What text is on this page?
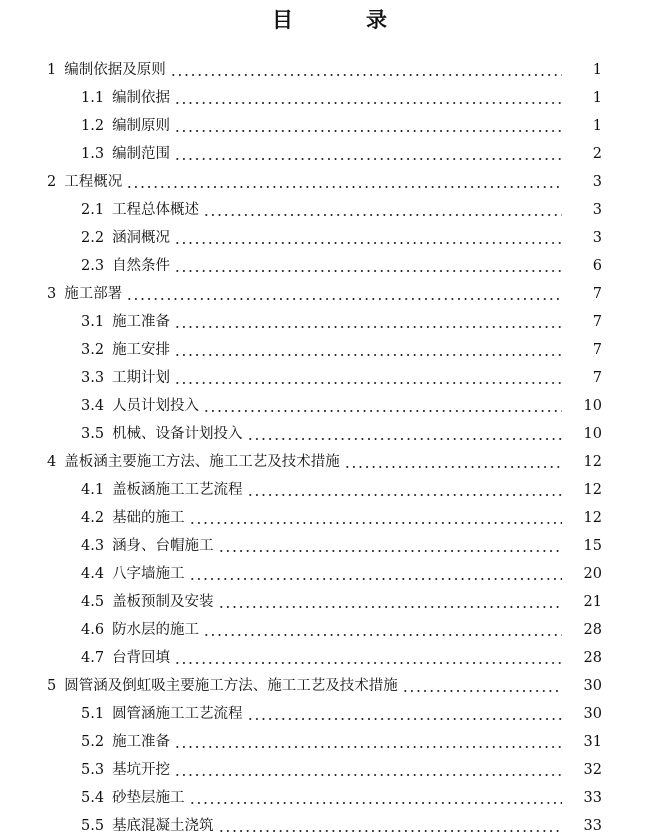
目　录
1 编制依据及原则	1
1.1 编制依据	1
1.2 编制原则	1
1.3 编制范围	2
2 工程概况	3
2.1 工程总体概述	3
2.2 涵洞概况	3
2.3 自然条件	6
3 施工部署	7
3.1 施工准备	7
3.2 施工安排	7
3.3 工期计划	7
3.4 人员计划投入	10
3.5 机械、设备计划投入	10
4 盖板涵主要施工方法、施工工艺及技术措施	12
4.1 盖板涵施工工艺流程	12
4.2 基础的施工	12
4.3 涵身、台帽施工	15
4.4 八字墙施工	20
4.5 盖板预制及安装	21
4.6 防水层的施工	28
4.7 台背回填	28
5 圆管涵及倒虹吸主要施工方法、施工工艺及技术措施	30
5.1 圆管涵施工工艺流程	30
5.2 施工准备	31
5.3 基坑开挖	32
5.4 砂垫层施工	33
5.5 基底混凝土浇筑	33
